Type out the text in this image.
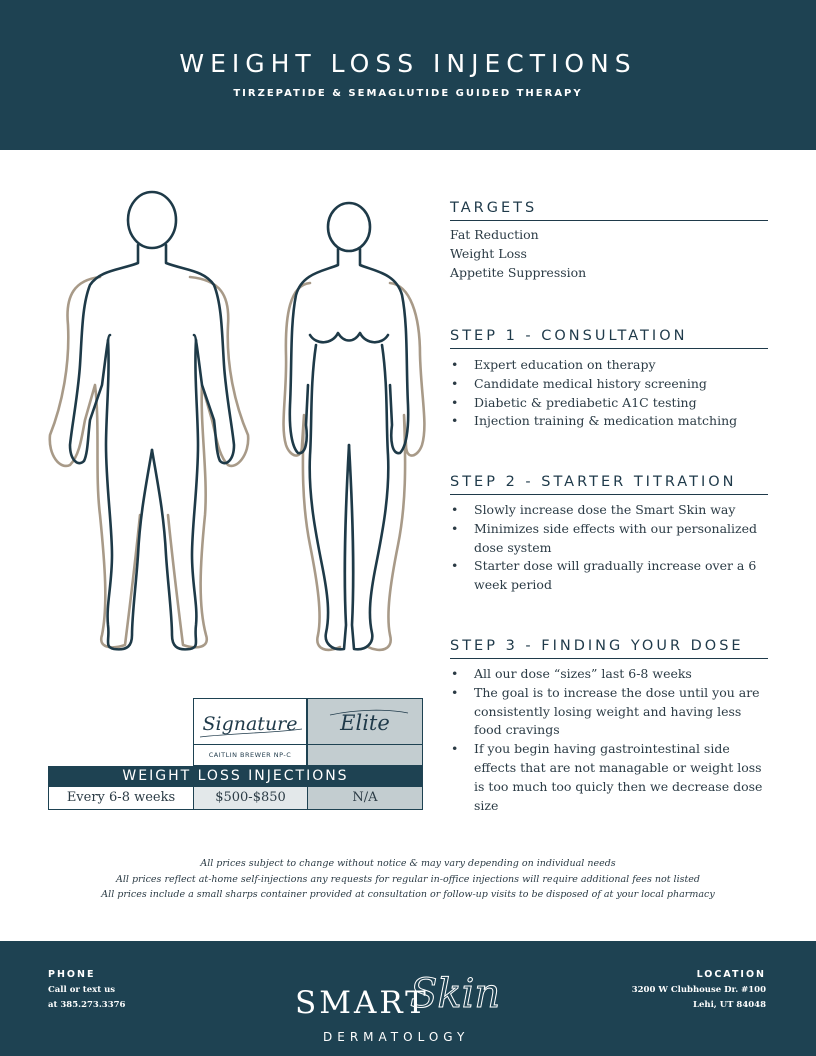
WEIGHT LOSS INJECTIONS
TIRZEPATIDE & SEMAGLUTIDE GUIDED THERAPY
TARGETS
Fat Reduction
Weight Loss
Appetite Suppression
STEP 1 - CONSULTATION
• Expert education on therapy
• Candidate medical history screening
• Diabetic & prediabetic A1C testing
• Injection training & medication matching
STEP 2 - STARTER TITRATION
• Slowly increase dose the Smart Skin way
• Minimizes side effects with our personalized dose system
• Starter dose will gradually increase over a 6 week period
STEP 3 - FINDING YOUR DOSE
• All our dose “sizes” last 6-8 weeks
• The goal is to increase the dose until you are consistently losing weight and having less food cravings
• If you begin having gastrointestinal side effects that are not managable or weight loss is too much too quicly then we decrease dose size
Signature Elite
CAITLIN BREWER NP-C
WEIGHT LOSS INJECTIONS
Every 6-8 weeks	$500-$850	N/A
All prices subject to change without notice & may vary depending on individual needs
All prices reflect at-home self-injections any requests for regular in-office injections will require additional fees not listed
All prices include a small sharps container provided at consultation or follow-up visits to be disposed of at your local pharmacy
PHONE
Call or text us
at 385.273.3376	SMART
Skin
DERMATOLOGY
LOCATION
3200 W Clubhouse Dr. #100
Lehi, UT 84048
